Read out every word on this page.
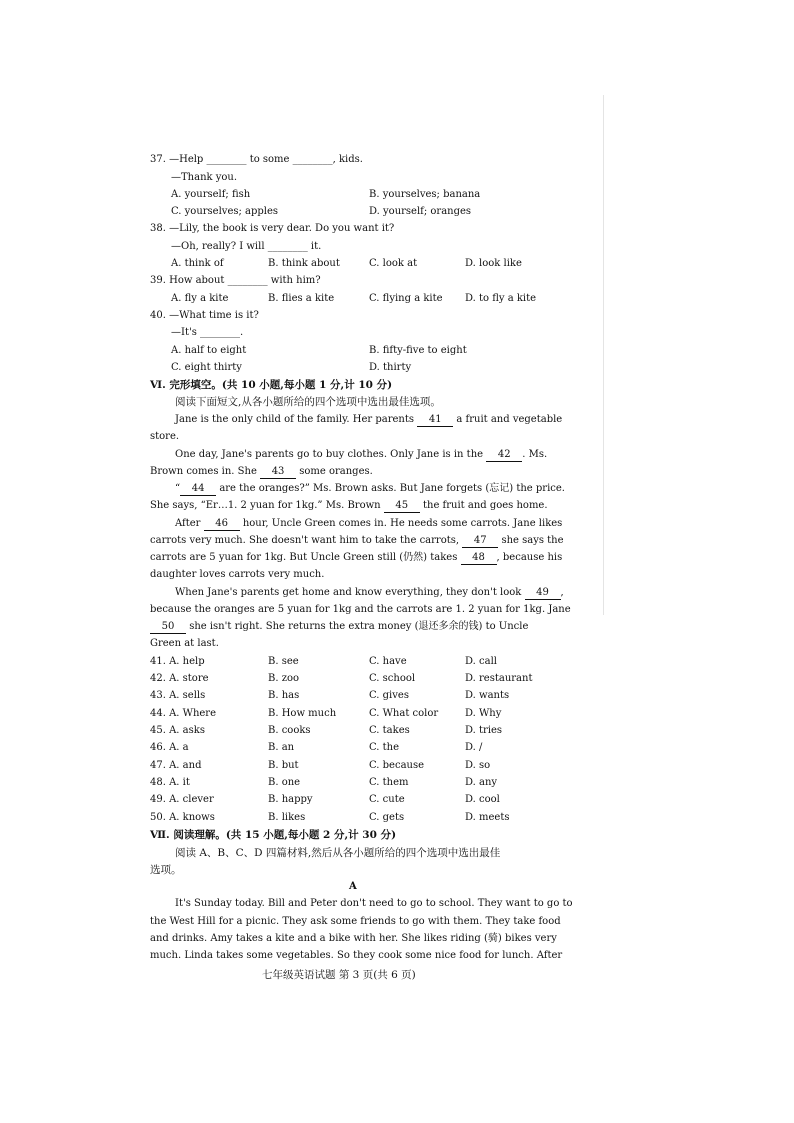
37. —Help ________ to some ________, kids.
—Thank you.
A. yourself; fish	B. yourselves; banana
C. yourselves; apples	D. yourself; oranges
38. —Lily, the book is very dear. Do you want it?
—Oh, really? I will ________ it.
A. think of	B. think about	C. look at	D. look like
39. How about ________ with him?
A. fly a kite	B. flies a kite	C. flying a kite D. to fly a kite
40. —What time is it?
—It's ________.
A. half to eight	B. fifty-five to eight
C. eight thirty	D. thirty
Ⅵ. 完形填空。(共 10 小题,每小题 1 分,计 10 分)
阅读下面短文,从各小题所给的四个选项中选出最佳选项。
Jane is the only child of the family. Her parents 41 a fruit and vegetable
store.
One day, Jane's parents go to buy clothes. Only Jane is in the 42 . Ms.
Brown comes in. She 43 some oranges.
“ 44 are the oranges?” Ms. Brown asks. But Jane forgets (忘记) the price.
She says, “Er…1. 2 yuan for 1kg.” Ms. Brown 45 the fruit and goes home.
After 46 hour, Uncle Green comes in. He needs some carrots. Jane likes
carrots very much. She doesn't want him to take the carrots, 47 she says the
carrots are 5 yuan for 1kg. But Uncle Green still (仍然) takes 48 , because his
daughter loves carrots very much.
When Jane's parents get home and know everything, they don't look 49 ,
because the oranges are 5 yuan for 1kg and the carrots are 1. 2 yuan for 1kg. Jane
50 she isn't right. She returns the extra money (退还多余的钱) to Uncle
Green at last.
41. A. help	B. see	C. have	D. call
42. A. store	B. zoo	C. school	D. restaurant
43. A. sells	B. has	C. gives	D. wants
44. A. Where	B. How much	C. What color	D. Why
45. A. asks	B. cooks	C. takes	D. tries
46. A. a	B. an	C. the	D. /
47. A. and	B. but	C. because	D. so
48. A. it	B. one	C. them	D. any
49. A. clever	B. happy	C. cute	D. cool
50. A. knows	B. likes	C. gets	D. meets
Ⅶ. 阅读理解。(共 15 小题,每小题 2 分,计 30 分)
阅读 A、B、C、D 四篇材料,然后从各小题所给的四个选项中选出最佳
选项。
A
It's Sunday today. Bill and Peter don't need to go to school. They want to go to
the West Hill for a picnic. They ask some friends to go with them. They take food
and drinks. Amy takes a kite and a bike with her. She likes riding (骑) bikes very
much. Linda takes some vegetables. So they cook some nice food for lunch. After
七年级英语试题 第 3 页(共 6 页)
